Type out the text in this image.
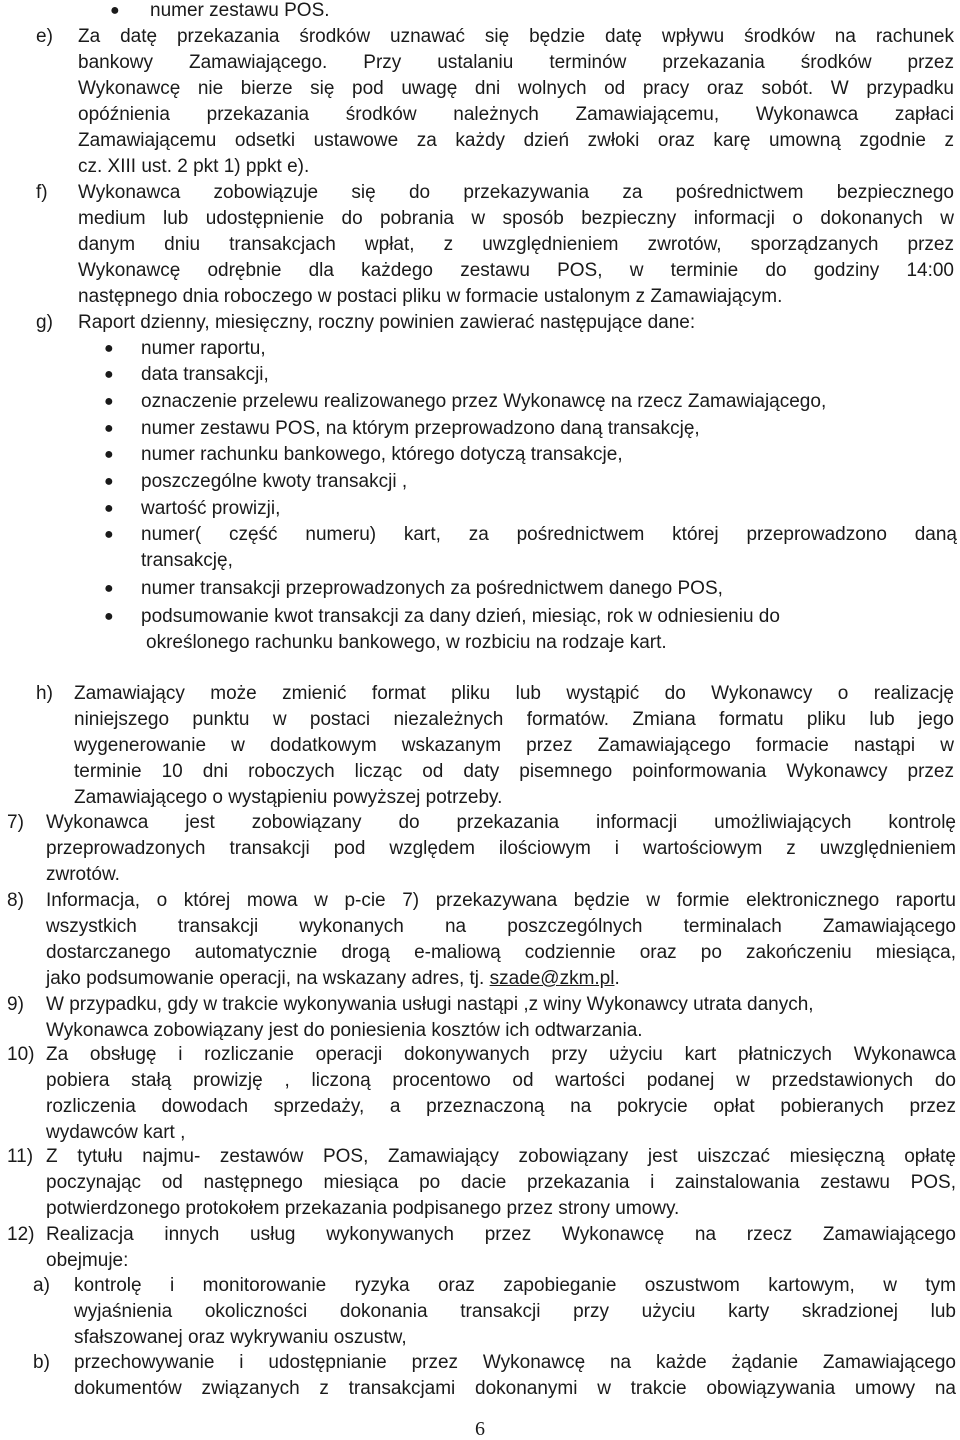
● numer zestawu POS.
e) Za datę przekazania środków uznawać się będzie datę wpływu środków na rachunek
bankowy Zamawiającego. Przy ustalaniu terminów przekazania środków przez
Wykonawcę nie bierze się pod uwagę dni wolnych od pracy oraz sobót. W przypadku
opóźnienia przekazania środków należnych Zamawiającemu, Wykonawca zapłaci
Zamawiającemu odsetki ustawowe za każdy dzień zwłoki oraz karę umowną zgodnie z
cz. XIII ust. 2 pkt 1) ppkt e).
f) Wykonawca zobowiązuje się do przekazywania za pośrednictwem bezpiecznego
medium lub udostępnienie do pobrania w sposób bezpieczny informacji o dokonanych w
danym dniu transakcjach wpłat, z uwzględnieniem zwrotów, sporządzanych przez
Wykonawcę odrębnie dla każdego zestawu POS, w terminie do godziny 14:00
następnego dnia roboczego w postaci pliku w formacie ustalonym z Zamawiającym.
g) Raport dzienny, miesięczny, roczny powinien zawierać następujące dane:
● numer raportu,
● data transakcji,
● oznaczenie przelewu realizowanego przez Wykonawcę na rzecz Zamawiającego,
● numer zestawu POS, na którym przeprowadzono daną transakcję,
● numer rachunku bankowego, którego dotyczą transakcje,
● poszczególne kwoty transakcji ,
● wartość prowizji,
● numer( część numeru) kart, za pośrednictwem której przeprowadzono daną
transakcję,
● numer transakcji przeprowadzonych za pośrednictwem danego POS,
● podsumowanie kwot transakcji za dany dzień, miesiąc, rok w odniesieniu do
określonego rachunku bankowego, w rozbiciu na rodzaje kart.
h) Zamawiający może zmienić format pliku lub wystąpić do Wykonawcy o realizację
niniejszego punktu w postaci niezależnych formatów. Zmiana formatu pliku lub jego
wygenerowanie w dodatkowym wskazanym przez Zamawiającego formacie nastąpi w
terminie 10 dni roboczych licząc od daty pisemnego poinformowania Wykonawcy przez
Zamawiającego o wystąpieniu powyższej potrzeby.
7) Wykonawca jest zobowiązany do przekazania informacji umożliwiających kontrolę
przeprowadzonych transakcji pod względem ilościowym i wartościowym z uwzględnieniem
zwrotów.
8) Informacja, o której mowa w p-cie 7) przekazywana będzie w formie elektronicznego raportu
wszystkich transakcji wykonanych na poszczególnych terminalach Zamawiającego
dostarczanego automatycznie drogą e-maliową codziennie oraz po zakończeniu miesiąca,
jako podsumowanie operacji, na wskazany adres, tj. szade@zkm.pl.
9) W przypadku, gdy w trakcie wykonywania usługi nastąpi ,z winy Wykonawcy utrata danych,
Wykonawca zobowiązany jest do poniesienia kosztów ich odtwarzania.
10) Za obsługę i rozliczanie operacji dokonywanych przy użyciu kart płatniczych Wykonawca
pobiera stałą prowizję , liczoną procentowo od wartości podanej w przedstawionych do
rozliczenia dowodach sprzedaży, a przeznaczoną na pokrycie opłat pobieranych przez
wydawców kart ,
11) Z tytułu najmu- zestawów POS, Zamawiający zobowiązany jest uiszczać miesięczną opłatę
poczynając od następnego miesiąca po dacie przekazania i zainstalowania zestawu POS,
potwierdzonego protokołem przekazania podpisanego przez strony umowy.
12) Realizacja innych usług wykonywanych przez Wykonawcę na rzecz Zamawiającego
obejmuje:
a) kontrolę i monitorowanie ryzyka oraz zapobieganie oszustwom kartowym, w tym
wyjaśnienia okoliczności dokonania transakcji przy użyciu karty skradzionej lub
sfałszowanej oraz wykrywaniu oszustw,
b) przechowywanie i udostępnianie przez Wykonawcę na każde żądanie Zamawiającego
dokumentów związanych z transakcjami dokonanymi w trakcie obowiązywania umowy na
6
